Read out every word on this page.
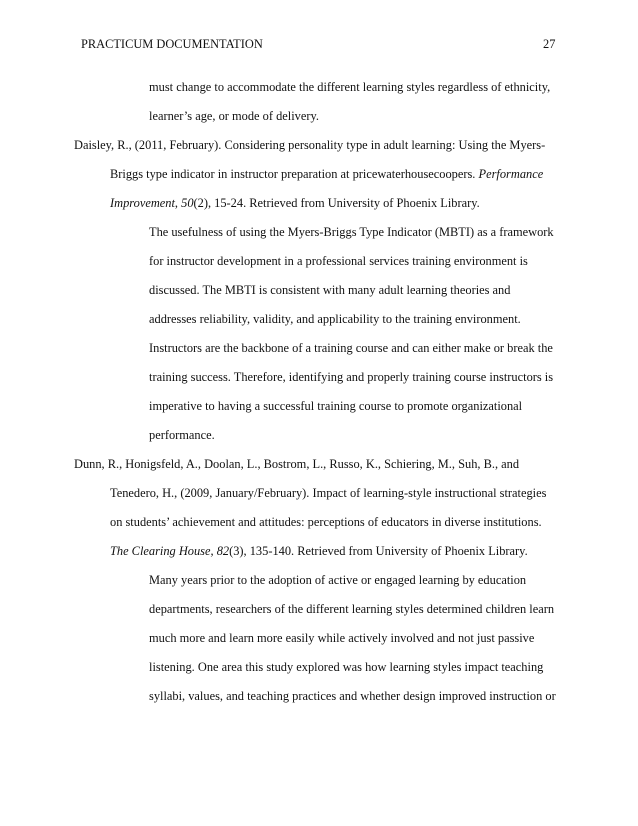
PRACTICUM DOCUMENTATION	27
must change to accommodate the different learning styles regardless of ethnicity,
learner’s age, or mode of delivery.
Daisley, R., (2011, February). Considering personality type in adult learning: Using the Myers-
Briggs type indicator in instructor preparation at pricewaterhousecoopers. Performance
Improvement, 50(2), 15-24. Retrieved from University of Phoenix Library.
The usefulness of using the Myers-Briggs Type Indicator (MBTI) as a framework
for instructor development in a professional services training environment is
discussed. The MBTI is consistent with many adult learning theories and
addresses reliability, validity, and applicability to the training environment.
Instructors are the backbone of a training course and can either make or break the
training success. Therefore, identifying and properly training course instructors is
imperative to having a successful training course to promote organizational
performance.
Dunn, R., Honigsfeld, A., Doolan, L., Bostrom, L., Russo, K., Schiering, M., Suh, B., and
Tenedero, H., (2009, January/February). Impact of learning-style instructional strategies
on students’ achievement and attitudes: perceptions of educators in diverse institutions.
The Clearing House, 82(3), 135-140. Retrieved from University of Phoenix Library.
Many years prior to the adoption of active or engaged learning by education
departments, researchers of the different learning styles determined children learn
much more and learn more easily while actively involved and not just passive
listening. One area this study explored was how learning styles impact teaching
syllabi, values, and teaching practices and whether design improved instruction or
